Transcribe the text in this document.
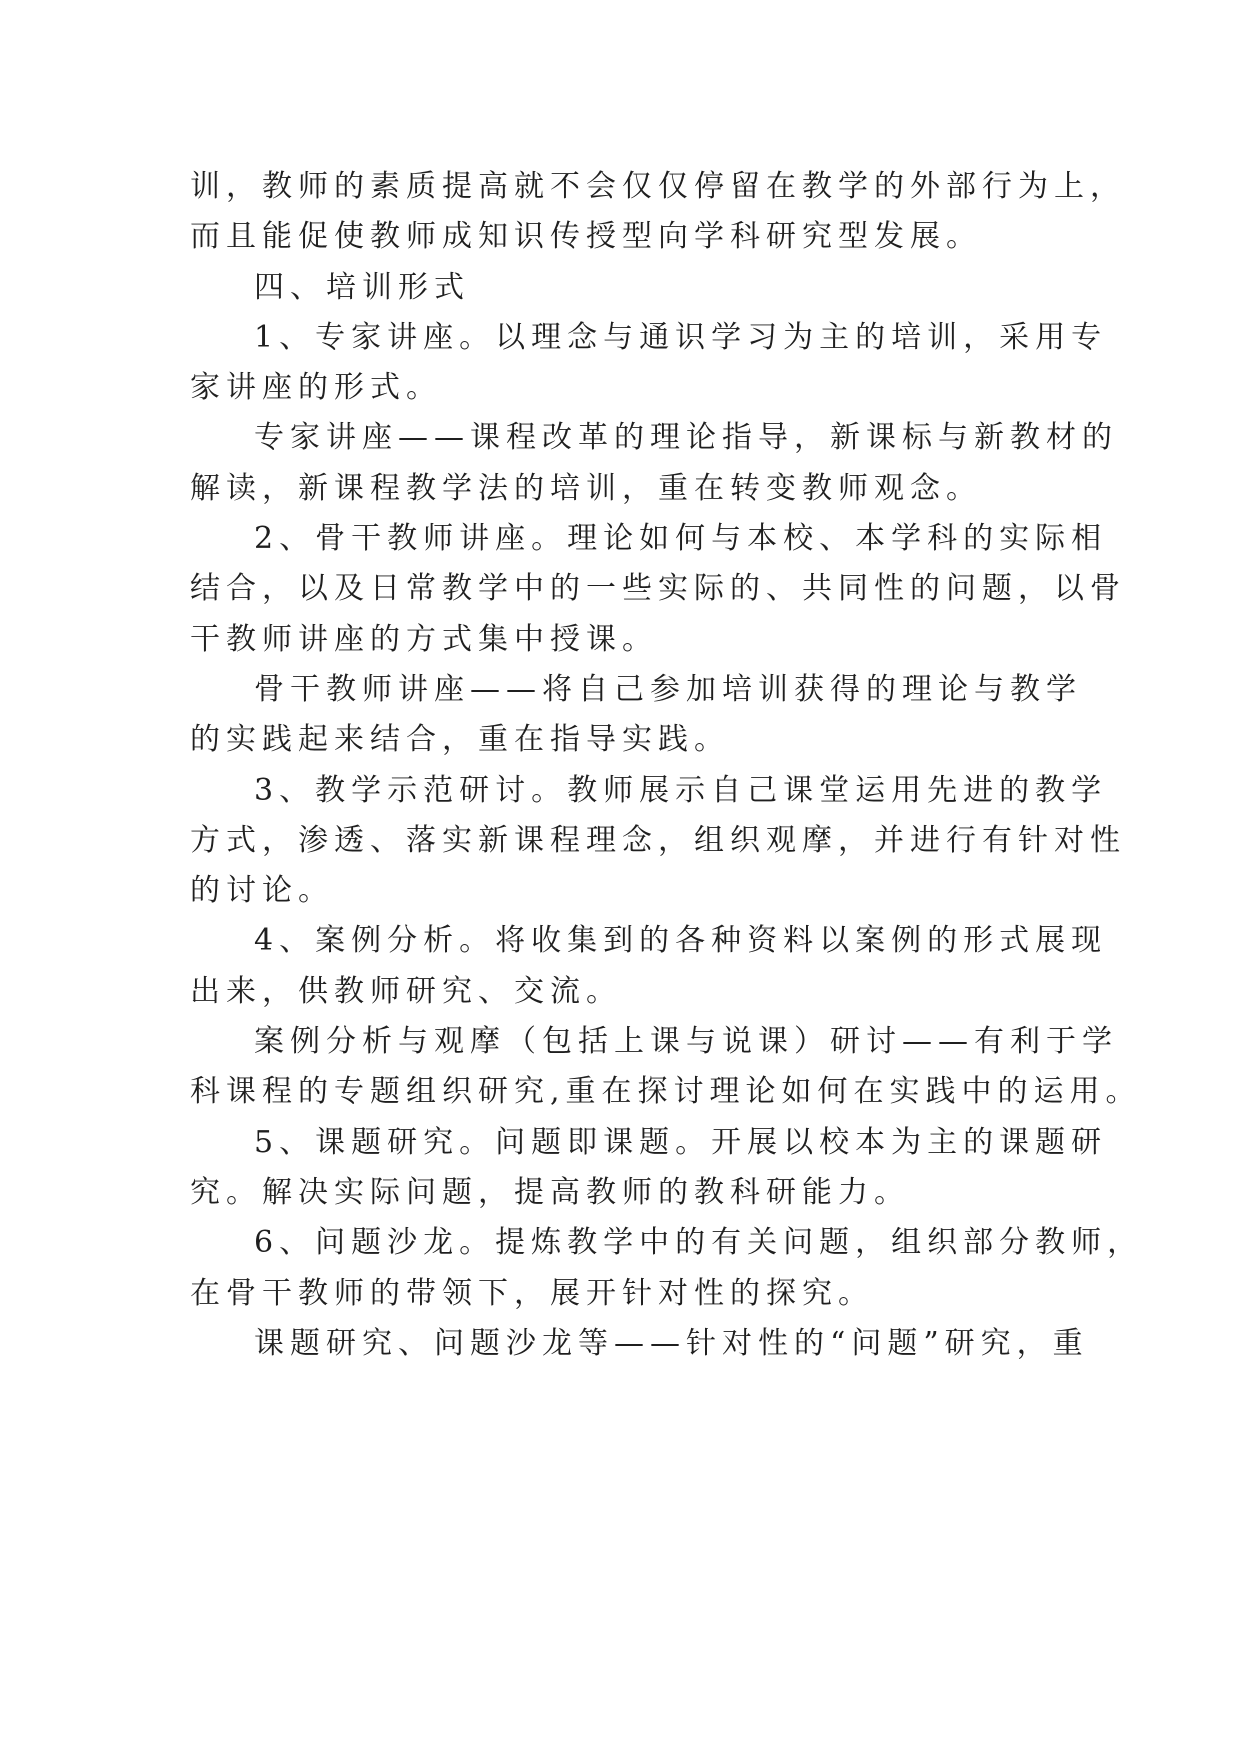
训，教师的素质提高就不会仅仅停留在教学的外部行为上，

而且能促使教师成知识传授型向学科研究型发展。

四、培训形式

1、专家讲座。以理念与通识学习为主的培训，采用专

家讲座的形式。

专家讲座——课程改革的理论指导，新课标与新教材的

解读，新课程教学法的培训，重在转变教师观念。

2、骨干教师讲座。理论如何与本校、本学科的实际相

结合，以及日常教学中的一些实际的、共同性的问题，以骨

干教师讲座的方式集中授课。

骨干教师讲座——将自己参加培训获得的理论与教学

的实践起来结合，重在指导实践。

3、教学示范研讨。教师展示自己课堂运用先进的教学

方式，渗透、落实新课程理念，组织观摩，并进行有针对性

的讨论。

4、案例分析。将收集到的各种资料以案例的形式展现

出来，供教师研究、交流。

案例分析与观摩（包括上课与说课）研讨——有利于学

科课程的专题组织研究,重在探讨理论如何在实践中的运用。

5、课题研究。问题即课题。开展以校本为主的课题研

究。解决实际问题，提高教师的教科研能力。

6、问题沙龙。提炼教学中的有关问题，组织部分教师，

在骨干教师的带领下，展开针对性的探究。

课题研究、问题沙龙等——针对性的“问题”研究，重
